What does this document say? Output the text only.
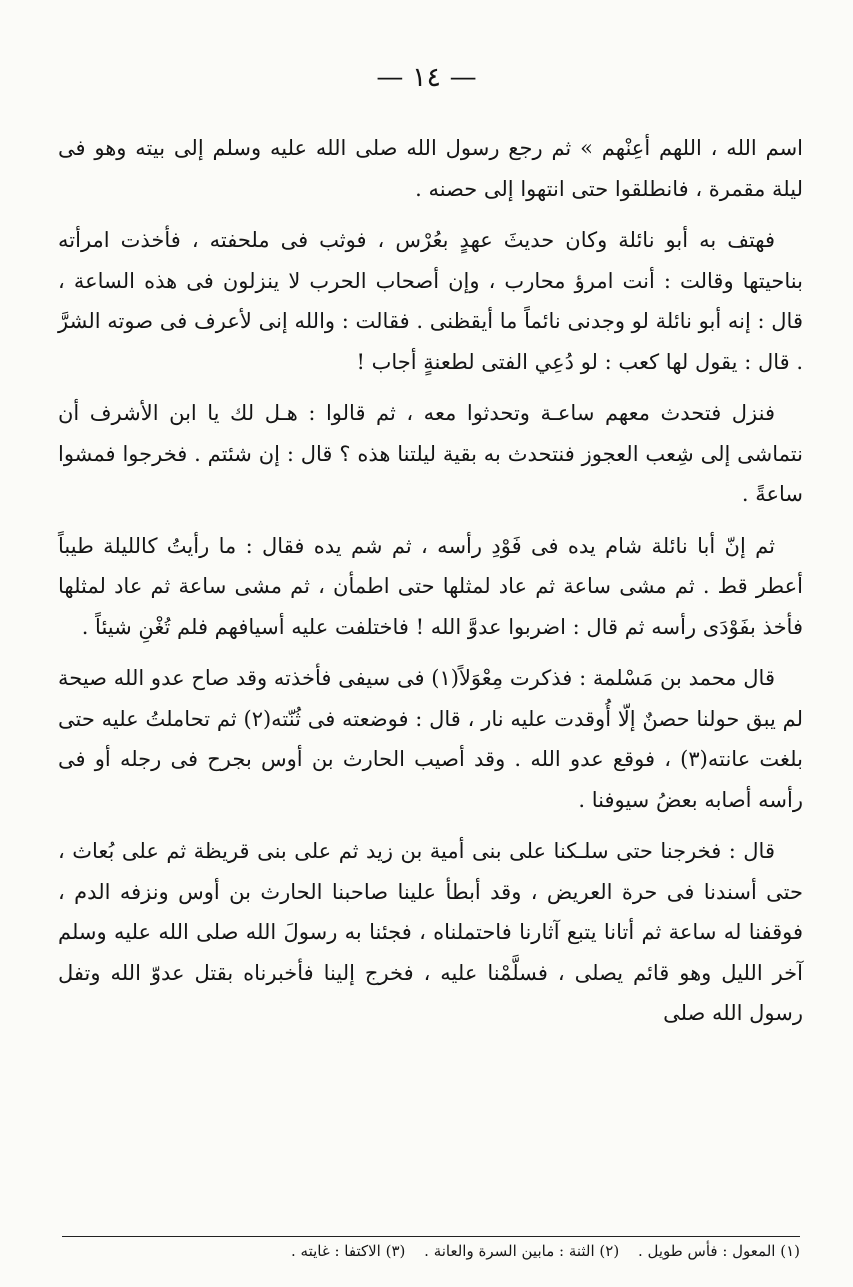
— ١٤ —

اسم الله ، اللهم أعِنْهم » ثم رجع رسول الله صلى الله عليه وسلم إلى بيته وهو فى ليلة مقمرة ، فانطلقوا حتى انتهوا إلى حصنه .

فهتف به أبو نائلة وكان حديثَ عهدٍ بعُرْس ، فوثب فى ملحفته ، فأخذت امرأته بناحيتها وقالت : أنت امرؤ محارب ، وإن أصحاب الحرب لا ينزلون فى هذه الساعة ، قال : إنه أبو نائلة لو وجدنى نائماً ما أيقظنى . فقالت : والله إنى لأعرف فى صوته الشرَّ . قال : يقول لها كعب : لو دُعِي الفتى لطعنةٍ أجاب !

فنزل فتحدث معهم ساعـة وتحدثوا معه ، ثم قالوا : هـل لك يا ابن الأشرف أن نتماشى إلى شِعب العجوز فنتحدث به بقية ليلتنا هذه ؟ قال : إن شئتم . فخرجوا فمشوا ساعةً .

ثم إنّ أبا نائلة شام يده فى فَوْدِ رأسه ، ثم شم يده فقال : ما رأيتُ كالليلة طيباً أعطر قط . ثم مشى ساعة ثم عاد لمثلها حتى اطمأن ، ثم مشى ساعة ثم عاد لمثلها فأخذ بفَوْدَى رأسه ثم قال : اضربوا عدوَّ الله ! فاختلفت عليه أسيافهم فلم تُغْنِ شيئاً .

قال محمد بن مَسْلمة : فذكرت مِعْوَلاً(١) فى سيفى فأخذته وقد صاح عدو الله صيحة لم يبق حولنا حصنٌ إلّا أُوقدت عليه نار ، قال : فوضعته فى ثُنّته(٢) ثم تحاملتُ عليه حتى بلغت عانته(٣) ، فوقع عدو الله . وقد أصيب الحارث بن أوس بجرح فى رجله أو فى رأسه أصابه بعضُ سيوفنا .

قال : فخرجنا حتى سلـكنا على بنى أمية بن زيد ثم على بنى قريظة ثم على بُعاث ، حتى أسندنا فى حرة العريض ، وقد أبطأ علينا صاحبنا الحارث بن أوس ونزفه الدم ، فوقفنا له ساعة ثم أتانا يتبع آثارنا فاحتملناه ، فجئنا به رسولَ الله صلى الله عليه وسلم آخر الليل وهو قائم يصلى ، فسلَّمْنا عليه ، فخرج إلينا فأخبرناه بقتل عدوّ الله وتفل رسول الله صلى

(١) المعول : فأس طويل . (٢) الثنة : مابين السرة والعانة . (٣) الاكتفا : غايته .
